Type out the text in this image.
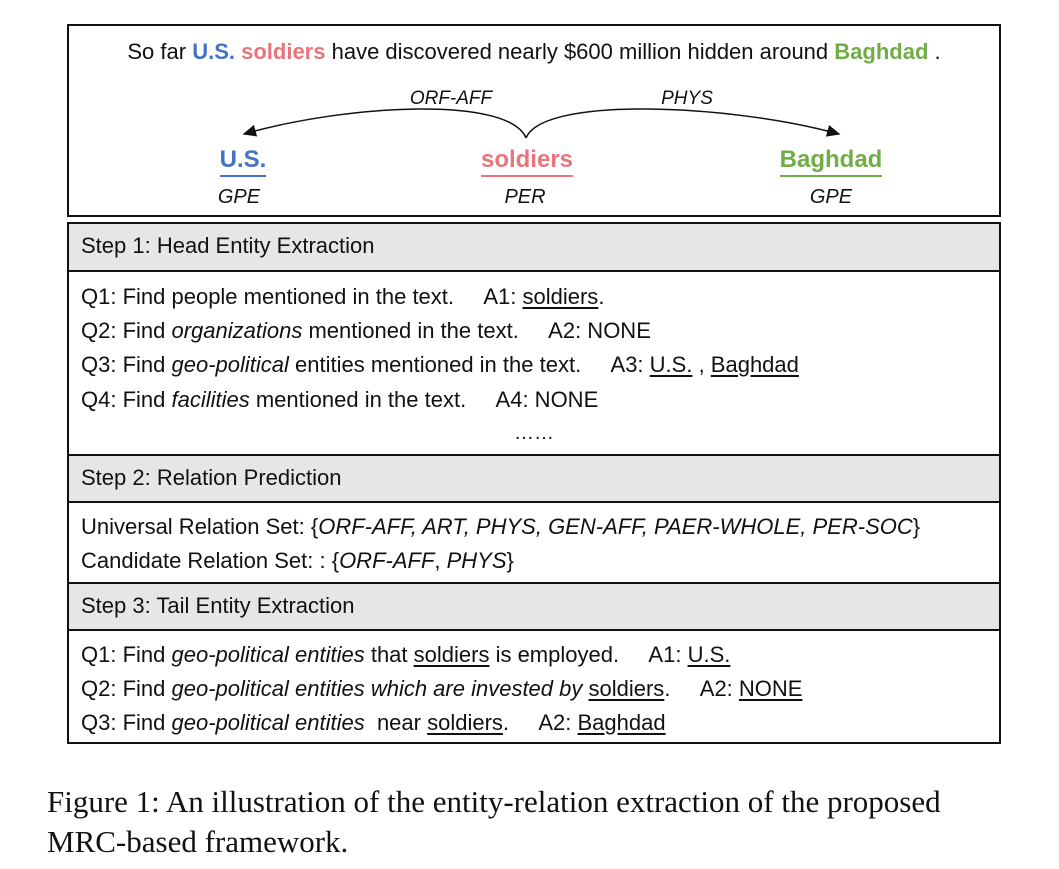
So far U.S. soldiers have discovered nearly $600 million hidden around Baghdad .
ORF-AFF	PHYS
U.S.	soldiers	Baghdad
GPE	PER	GPE
Step 1: Head Entity Extraction
Q1: Find people mentioned in the text.     A1: soldiers.
Q2: Find organizations mentioned in the text.     A2: NONE
Q3: Find geo-political entities mentioned in the text.     A3: U.S. , Baghdad
Q4: Find facilities mentioned in the text.     A4: NONE
……
Step 2: Relation Prediction
Universal Relation Set: {ORF-AFF, ART, PHYS, GEN-AFF, PAER-WHOLE, PER-SOC}
Candidate Relation Set: : {ORF-AFF, PHYS}
Step 3: Tail Entity Extraction
Q1: Find geo-political entities that soldiers is employed.     A1: U.S.
Q2: Find geo-political entities which are invested by soldiers.     A2: NONE
Q3: Find geo-political entities  near soldiers.     A2: Baghdad
Figure 1: An illustration of the entity-relation extraction of the proposed MRC-based framework.
